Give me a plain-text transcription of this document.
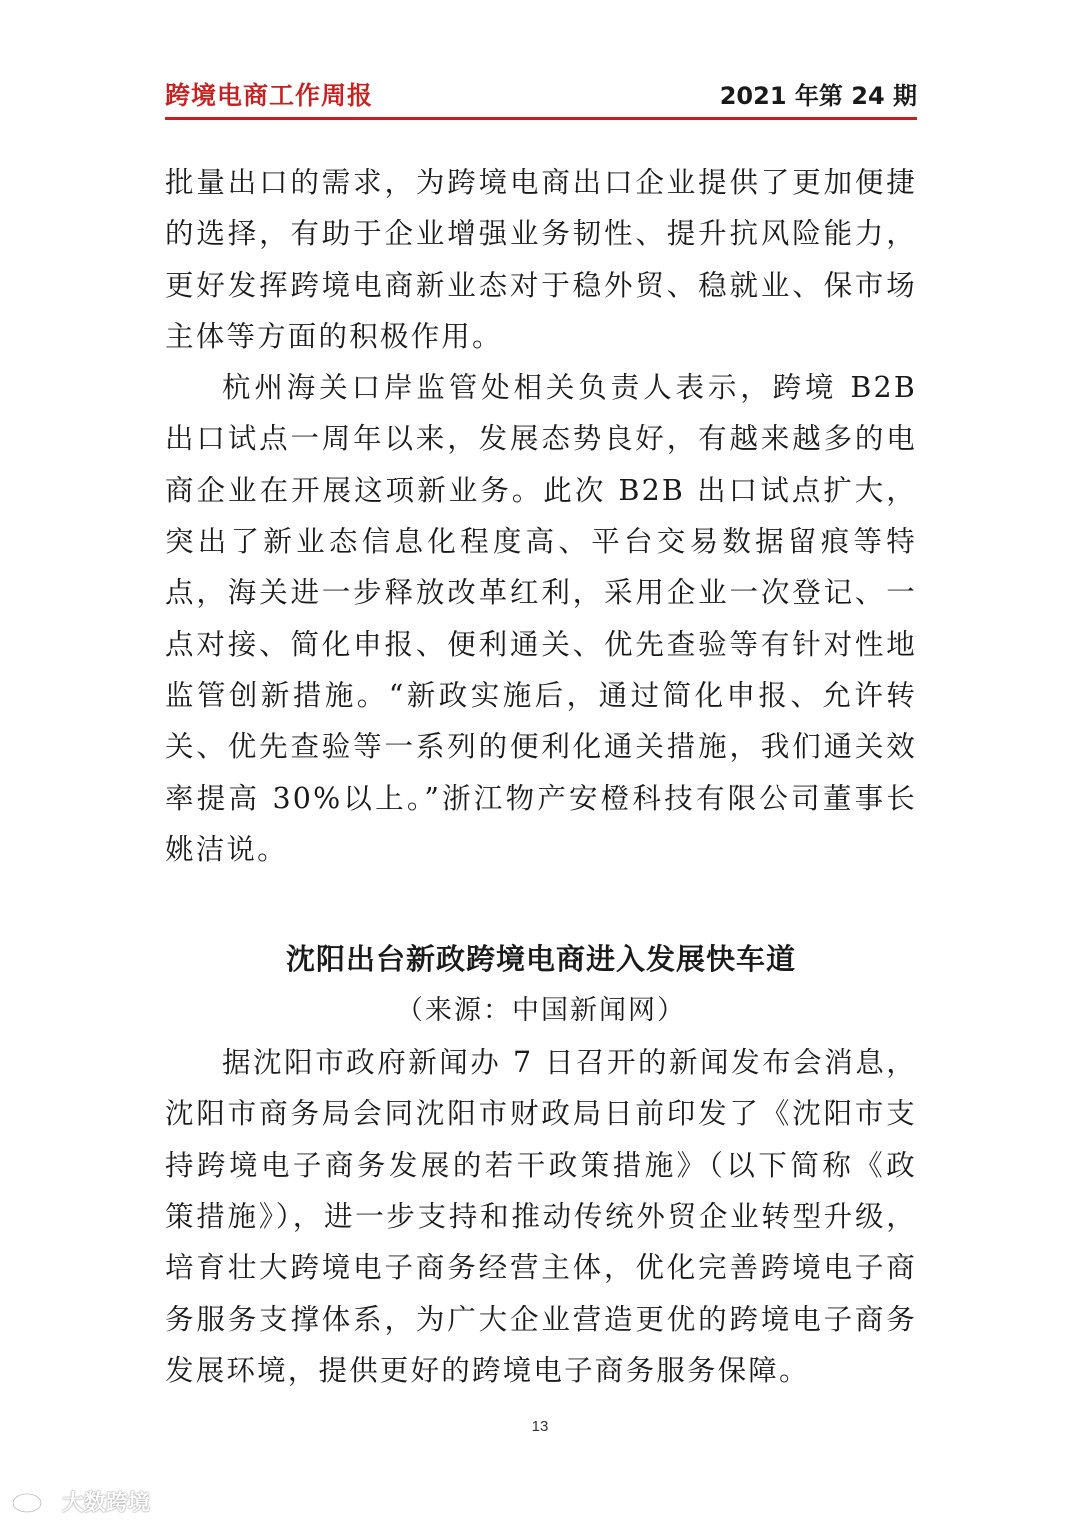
跨境电商工作周报	2021 年第 24 期

批量出口的需求，为跨境电商出口企业提供了更加便捷的选择，有助于企业增强业务韧性、提升抗风险能力，更好发挥跨境电商新业态对于稳外贸、稳就业、保市场主体等方面的积极作用。

杭州海关口岸监管处相关负责人表示，跨境 B2B 出口试点一周年以来，发展态势良好，有越来越多的电商企业在开展这项新业务。此次 B2B 出口试点扩大，突出了新业态信息化程度高、平台交易数据留痕等特点，海关进一步释放改革红利，采用企业一次登记、一点对接、简化申报、便利通关、优先查验等有针对性地监管创新措施。“新政实施后，通过简化申报、允许转关、优先查验等一系列的便利化通关措施，我们通关效率提高 30%以上。”浙江物产安橙科技有限公司董事长姚洁说。

沈阳出台新政跨境电商进入发展快车道

（来源：中国新闻网）

据沈阳市政府新闻办 7 日召开的新闻发布会消息，沈阳市商务局会同沈阳市财政局日前印发了《沈阳市支持跨境电子商务发展的若干政策措施》（以下简称《政策措施》），进一步支持和推动传统外贸企业转型升级，培育壮大跨境电子商务经营主体，优化完善跨境电子商务服务支撑体系，为广大企业营造更优的跨境电子商务发展环境，提供更好的跨境电子商务服务保障。

13
大数跨境
